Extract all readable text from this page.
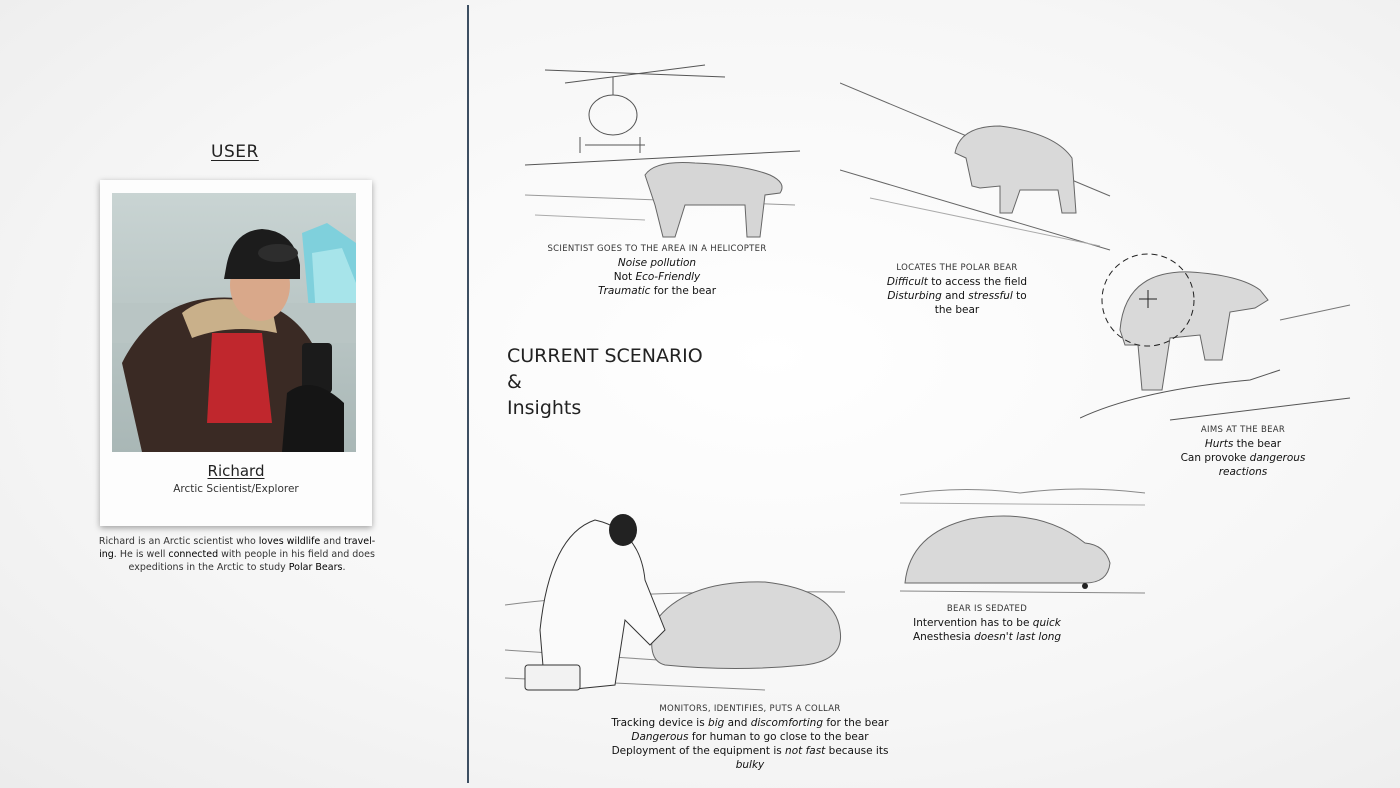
USER
Richard
Arctic Scientist/Explorer
Richard is an Arctic scientist who loves wildlife and travel- ing. He is well connected with people in his field and does expeditions in the Arctic to study Polar Bears.
CURRENT SCENARIO
&
Insights
SCIENTIST GOES TO THE AREA IN A HELICOPTER
Noise pollution
Not Eco-Friendly
Traumatic for the bear
LOCATES THE POLAR BEAR
Difficult to access the field
Disturbing and stressful to
the bear
AIMS AT THE BEAR
Hurts the bear
Can provoke dangerous
reactions
BEAR IS SEDATED
Intervention has to be quick
Anesthesia doesn't last long
MONITORS, IDENTIFIES, PUTS A COLLAR
Tracking device is big and discomforting for the bear
Dangerous for human to go close to the bear
Deployment of the equipment is not fast because its bulky
